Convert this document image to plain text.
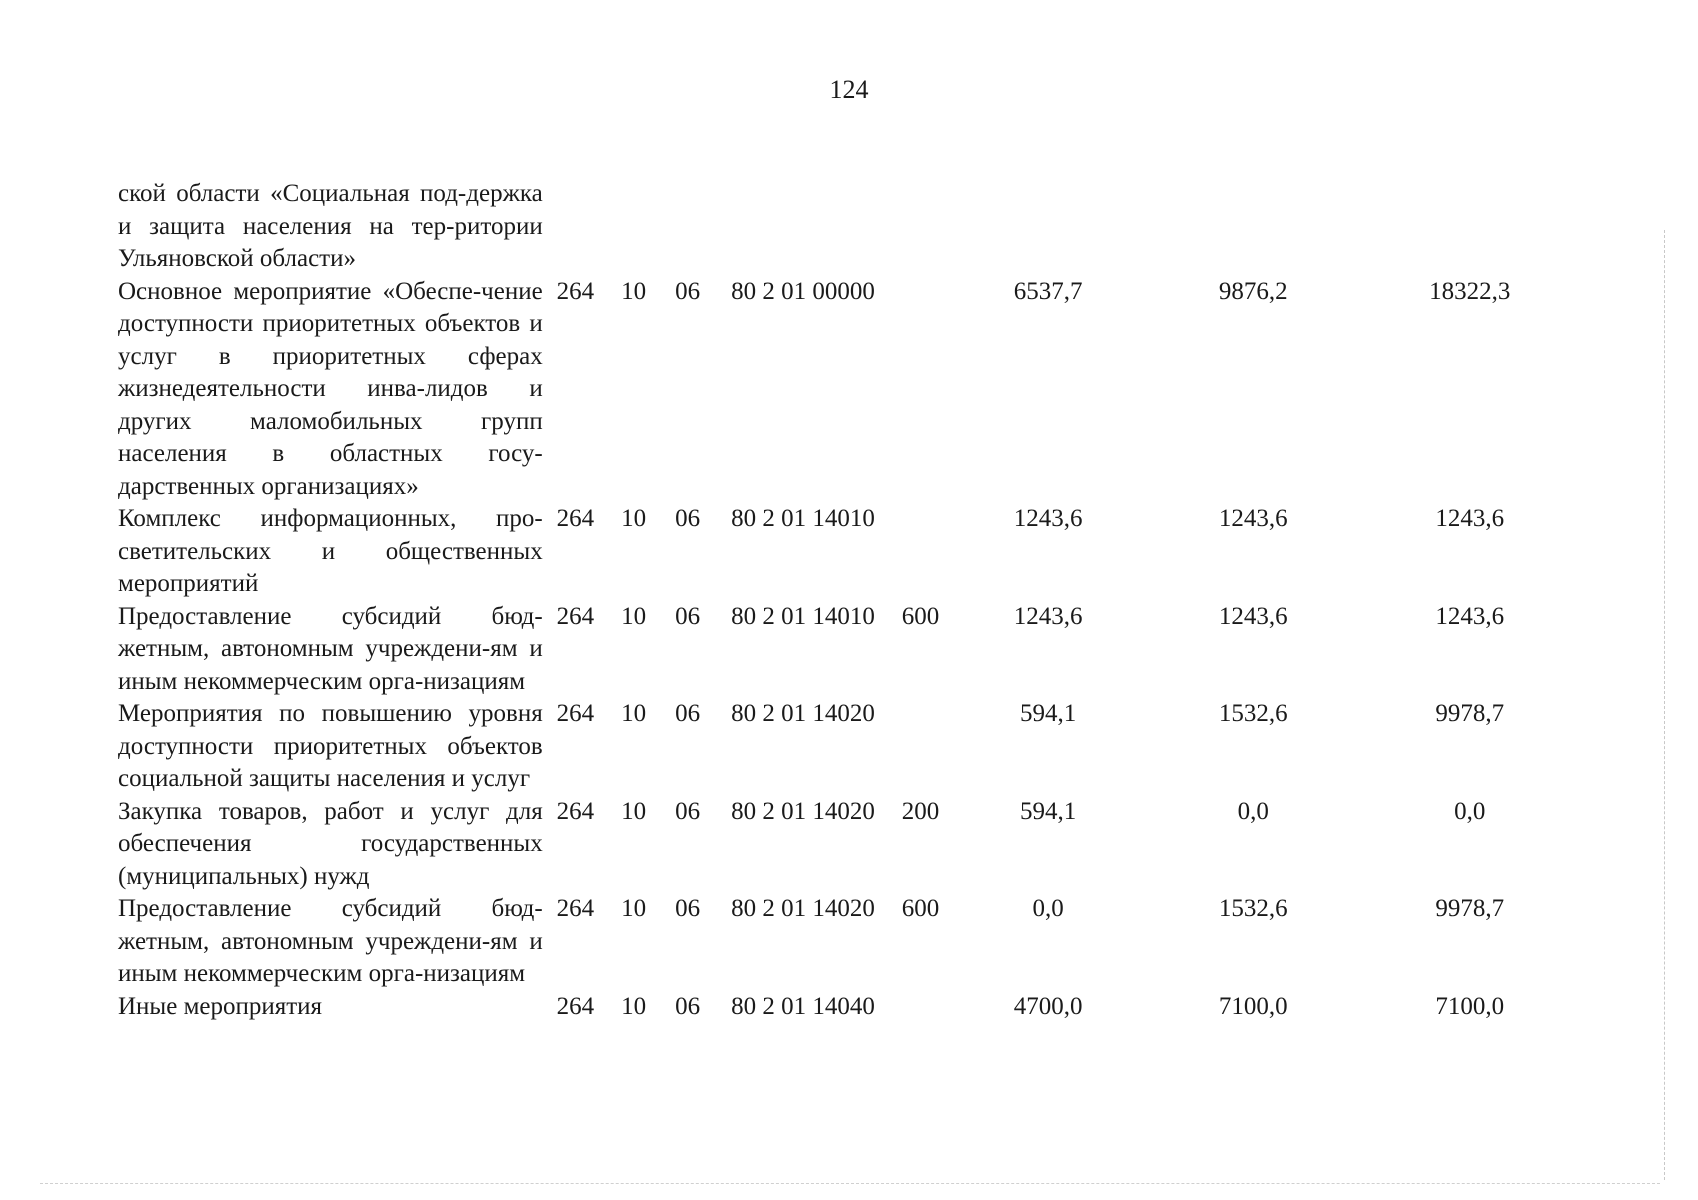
124
ской области «Социальная под-держка и защита населения на тер-ритории Ульяновской области»								
Основное мероприятие «Обеспе-чение доступности приоритетных объектов и услуг в приоритетных сферах жизнедеятельности инва-лидов и других маломобильных групп населения в областных госу-дарственных организациях»	264	10	06	80 2 01 00000		6537,7	9876,2	18322,3
Комплекс информационных, про-светительских и общественных мероприятий	264	10	06	80 2 01 14010		1243,6	1243,6	1243,6
Предоставление субсидий бюд-жетным, автономным учреждени-ям и иным некоммерческим орга-низациям	264	10	06	80 2 01 14010	600	1243,6	1243,6	1243,6
Мероприятия по повышению уровня доступности приоритетных объектов социальной защиты населения и услуг	264	10	06	80 2 01 14020		594,1	1532,6	9978,7
Закупка товаров, работ и услуг для обеспечения государственных (муниципальных) нужд	264	10	06	80 2 01 14020	200	594,1	0,0	0,0
Предоставление субсидий бюд-жетным, автономным учреждени-ям и иным некоммерческим орга-низациям	264	10	06	80 2 01 14020	600	0,0	1532,6	9978,7
Иные мероприятия	264	10	06	80 2 01 14040		4700,0	7100,0	7100,0
